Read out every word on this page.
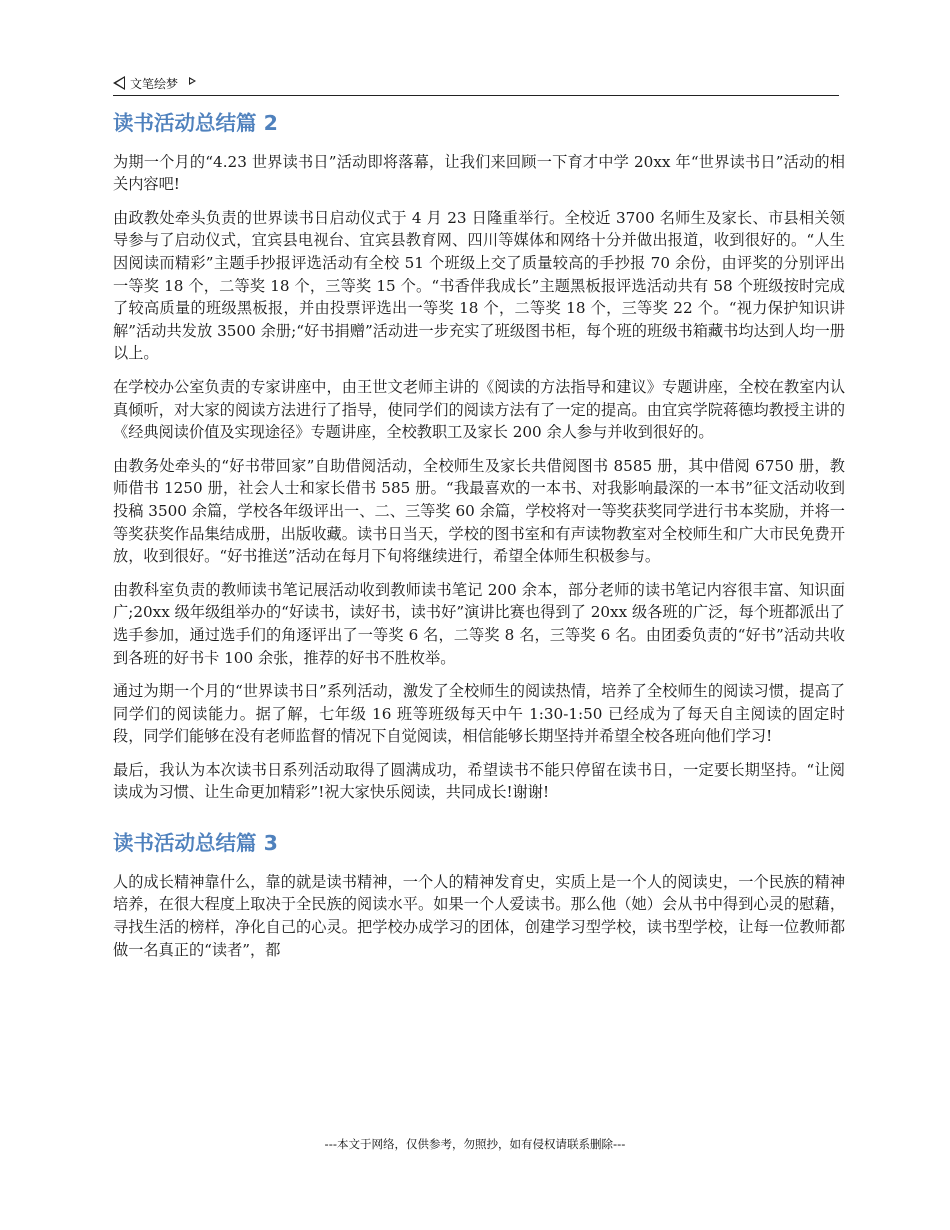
文笔绘梦
读书活动总结篇 2

为期一个月的“4.23 世界读书日”活动即将落幕，让我们来回顾一下育才中学 20xx 年“世界读书日”活动的相关内容吧!

由政教处牵头负责的世界读书日启动仪式于 4 月 23 日隆重举行。全校近 3700 名师生及家长、市县相关领导参与了启动仪式，宜宾县电视台、宜宾县教育网、四川等媒体和网络十分并做出报道，收到很好的。“人生因阅读而精彩”主题手抄报评选活动有全校 51 个班级上交了质量较高的手抄报 70 余份，由评奖的分别评出一等奖 18 个，二等奖 18 个，三等奖 15 个。“书香伴我成长”主题黑板报评选活动共有 58 个班级按时完成了较高质量的班级黑板报，并由投票评选出一等奖 18 个，二等奖 18 个，三等奖 22 个。“视力保护知识讲解”活动共发放 3500 余册;“好书捐赠”活动进一步充实了班级图书柜，每个班的班级书箱藏书均达到人均一册以上。

在学校办公室负责的专家讲座中，由王世文老师主讲的《阅读的方法指导和建议》专题讲座，全校在教室内认真倾听，对大家的阅读方法进行了指导，使同学们的阅读方法有了一定的提高。由宜宾学院蒋德均教授主讲的《经典阅读价值及实现途径》专题讲座，全校教职工及家长 200 余人参与并收到很好的。

由教务处牵头的“好书带回家”自助借阅活动，全校师生及家长共借阅图书 8585 册，其中借阅 6750 册，教师借书 1250 册，社会人士和家长借书 585 册。“我最喜欢的一本书、对我影响最深的一本书”征文活动收到投稿 3500 余篇，学校各年级评出一、二、三等奖 60 余篇，学校将对一等奖获奖同学进行书本奖励，并将一等奖获奖作品集结成册，出版收藏。读书日当天，学校的图书室和有声读物教室对全校师生和广大市民免费开放，收到很好。“好书推送”活动在每月下旬将继续进行，希望全体师生积极参与。

由教科室负责的教师读书笔记展活动收到教师读书笔记 200 余本，部分老师的读书笔记内容很丰富、知识面广;20xx 级年级组举办的“好读书，读好书，读书好”演讲比赛也得到了 20xx 级各班的广泛，每个班都派出了选手参加，通过选手们的角逐评出了一等奖 6 名，二等奖 8 名，三等奖 6 名。由团委负责的“好书”活动共收到各班的好书卡 100 余张，推荐的好书不胜枚举。

通过为期一个月的“世界读书日”系列活动，激发了全校师生的阅读热情，培养了全校师生的阅读习惯，提高了同学们的阅读能力。据了解，七年级 16 班等班级每天中午 1:30-1:50 已经成为了每天自主阅读的固定时段，同学们能够在没有老师监督的情况下自觉阅读，相信能够长期坚持并希望全校各班向他们学习!

最后，我认为本次读书日系列活动取得了圆满成功，希望读书不能只停留在读书日，一定要长期坚持。“让阅读成为习惯、让生命更加精彩”!祝大家快乐阅读，共同成长!谢谢!

读书活动总结篇 3

人的成长精神靠什么，靠的就是读书精神，一个人的精神发育史，实质上是一个人的阅读史，一个民族的精神培养，在很大程度上取决于全民族的阅读水平。如果一个人爱读书。那么他（她）会从书中得到心灵的慰藉，寻找生活的榜样，净化自己的心灵。把学校办成学习的团体，创建学习型学校，读书型学校，让每一位教师都做一名真正的“读者”，都

---本文于网络，仅供参考，勿照抄，如有侵权请联系删除---
